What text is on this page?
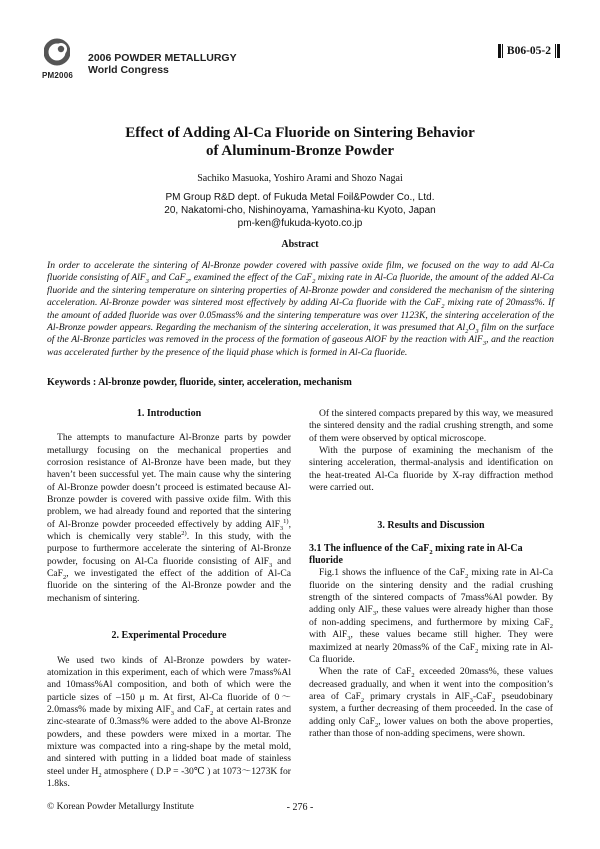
PM2006
2006 POWDER METALLURGY
World Congress
B06-05-2
Effect of Adding Al-Ca Fluoride on Sintering Behavior
of Aluminum-Bronze Powder
Sachiko Masuoka, Yoshiro Arami and Shozo Nagai
PM Group R&D dept. of Fukuda Metal Foil&Powder Co., Ltd.
20, Nakatomi-cho, Nishinoyama, Yamashina-ku Kyoto, Japan
pm-ken@fukuda-kyoto.co.jp
Abstract
In order to accelerate the sintering of Al-Bronze powder covered with passive oxide film, we focused on the way to add Al-Ca fluoride consisting of AlF$_3$ and CaF$_2$, examined the effect of the CaF$_2$ mixing rate in Al-Ca fluoride, the amount of the added Al-Ca fluoride and the sintering temperature on sintering properties of Al-Bronze powder and considered the mechanism of the sintering acceleration. Al-Bronze powder was sintered most effectively by adding Al-Ca fluoride with the CaF$_2$ mixing rate of 20mass%. If the amount of added fluoride was over 0.05mass% and the sintering temperature was over 1123K, the sintering acceleration of the Al-Bronze powder appears. Regarding the mechanism of the sintering acceleration, it was presumed that $Al_2O_3$ film on the surface of the Al-Bronze particles was removed in the process of the formation of gaseous AlOF by the reaction with AlF$_3$, and the reaction was accelerated further by the presence of the liquid phase which is formed in Al-Ca fluoride.
Keywords : Al-bronze powder, fluoride, sinter, acceleration, mechanism
1. Introduction
The attempts to manufacture Al-Bronze parts by powder metallurgy focusing on the mechanical properties and corrosion resistance of Al-Bronze have been made, but they haven’t been successful yet. The main cause why the sintering of Al-Bronze powder doesn’t proceed is estimated because Al-Bronze powder is covered with passive oxide film. With this problem, we had already found and reported that the sintering of Al-Bronze powder proceeded effectively by adding AlF$_3^{1)}$, which is chemically very stable$^{2)}$. In this study, with the purpose to furthermore accelerate the sintering of Al-Bronze powder, focusing on Al-Ca fluoride consisting of AlF$_3$ and CaF$_2$, we investigated the effect of the addition of Al-Ca fluoride on the sintering of the Al-Bronze powder and the mechanism of sintering.
2. Experimental Procedure
We used two kinds of Al-Bronze powders by water-atomization in this experiment, each of which were 7mass%Al and 10mass%Al composition, and both of which were the particle sizes of –150 μ m. At first, Al-Ca fluoride of 0～2.0mass% made by mixing AlF$_3$ and CaF$_2$ at certain rates and zinc-stearate of 0.3mass% were added to the above Al-Bronze powders, and these powders were mixed in a mortar. The mixture was compacted into a ring-shape by the metal mold, and sintered with putting in a lidded boat made of stainless steel under $H_2$ atmosphere ( D.P = -30℃ ) at 1073～1273K for 1.8ks.
Of the sintered compacts prepared by this way, we measured the sintered density and the radial crushing strength, and some of them were observed by optical microscope.
With the purpose of examining the mechanism of the sintering acceleration, thermal-analysis and identification on the heat-treated Al-Ca fluoride by X-ray diffraction method were carried out.
3. Results and Discussion
3.1 The influence of the CaF$_2$ mixing rate in Al-Ca fluoride
Fig.1 shows the influence of the CaF$_2$ mixing rate in Al-Ca fluoride on the sintering density and the radial crushing strength of the sintered compacts of 7mass%Al powder. By adding only AlF$_3$, these values were already higher than those of non-adding specimens, and furthermore by mixing CaF$_2$ with AlF$_3$, these values became still higher. They were maximized at nearly 20mass% of the CaF$_2$ mixing rate in Al-Ca fluoride.
When the rate of CaF$_2$ exceeded 20mass%, these values decreased gradually, and when it went into the composition’s area of CaF$_2$ primary crystals in AlF$_3$-CaF$_2$ pseudobinary system, a further decreasing of them proceeded. In the case of adding only CaF$_2$, lower values on both the above properties, rather than those of non-adding specimens, were shown.
© Korean Powder Metallurgy Institute	- 276 -
